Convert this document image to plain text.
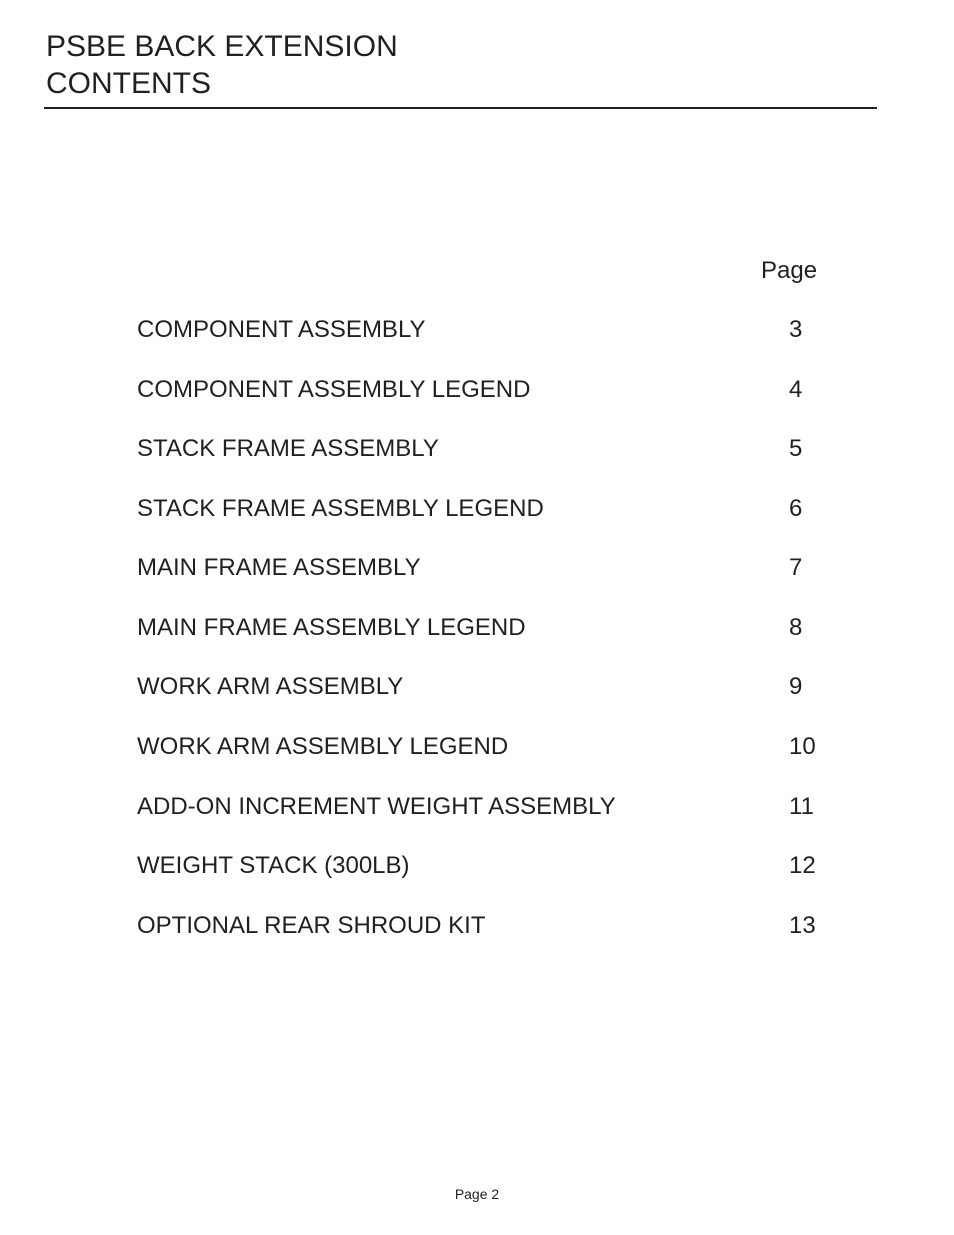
PSBE BACK EXTENSION
CONTENTS
Page
COMPONENT ASSEMBLY	3
COMPONENT ASSEMBLY LEGEND	4
STACK FRAME ASSEMBLY	5
STACK FRAME ASSEMBLY LEGEND	6
MAIN FRAME ASSEMBLY	7
MAIN FRAME ASSEMBLY LEGEND	8
WORK ARM ASSEMBLY	9
WORK ARM ASSEMBLY LEGEND	10
ADD-ON INCREMENT WEIGHT ASSEMBLY	11
WEIGHT STACK (300LB)	12
OPTIONAL REAR SHROUD KIT	13
Page 2
